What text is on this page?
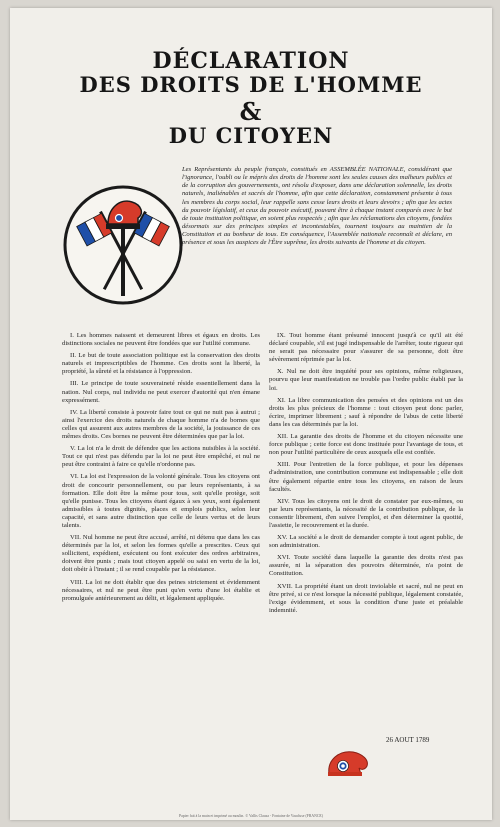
DÉCLARATION
DES DROITS DE L'HOMME
&
DU CITOYEN

Les Représentants du peuple français, constitués en ASSEMBLÉE NATIONALE, considérant que l'ignorance, l'oubli ou le mépris des droits de l'homme sont les seules causes des malheurs publics et de la corruption des gouvernements, ont résolu d'exposer, dans une déclaration solennelle, les droits naturels, inaliénables et sacrés de l'homme, afin que cette déclaration, constamment présente à tous les membres du corps social, leur rappelle sans cesse leurs droits et leurs devoirs ; afin que les actes du pouvoir législatif, et ceux du pouvoir exécutif, pouvant être à chaque instant comparés avec le but de toute institution politique, en soient plus respectés ; afin que les réclamations des citoyens, fondées désormais sur des principes simples et incontestables, tournent toujours au maintien de la Constitution et au bonheur de tous. En conséquence, l'Assemblée nationale reconnaît et déclare, en présence et sous les auspices de l'Être suprême, les droits suivants de l'homme et du citoyen.

I. Les hommes naissent et demeurent libres et égaux en droits. Les distinctions sociales ne peuvent être fondées que sur l'utilité commune.

II. Le but de toute association politique est la conservation des droits naturels et imprescriptibles de l'homme. Ces droits sont la liberté, la propriété, la sûreté et la résistance à l'oppression.

III. Le principe de toute souveraineté réside essentiellement dans la nation. Nul corps, nul individu ne peut exercer d'autorité qui n'en émane expressément.

IV. La liberté consiste à pouvoir faire tout ce qui ne nuit pas à autrui ; ainsi l'exercice des droits naturels de chaque homme n'a de bornes que celles qui assurent aux autres membres de la société, la jouissance de ces mêmes droits. Ces bornes ne peuvent être déterminées que par la loi.

V. La loi n'a le droit de défendre que les actions nuisibles à la société. Tout ce qui n'est pas défendu par la loi ne peut être empêché, et nul ne peut être contraint à faire ce qu'elle n'ordonne pas.

VI. La loi est l'expression de la volonté générale. Tous les citoyens ont droit de concourir personnellement, ou par leurs représentants, à sa formation. Elle doit être la même pour tous, soit qu'elle protège, soit qu'elle punisse. Tous les citoyens étant égaux à ses yeux, sont également admissibles à toutes dignités, places et emplois publics, selon leur capacité, et sans autre distinction que celle de leurs vertus et de leurs talents.

VII. Nul homme ne peut être accusé, arrêté, ni détenu que dans les cas déterminés par la loi, et selon les formes qu'elle a prescrites. Ceux qui sollicitent, expédient, exécutent ou font exécuter des ordres arbitraires, doivent être punis ; mais tout citoyen appelé ou saisi en vertu de la loi, doit obéir à l'instant ; il se rend coupable par la résistance.

VIII. La loi ne doit établir que des peines strictement et évidemment nécessaires, et nul ne peut être puni qu'en vertu d'une loi établie et promulguée antérieurement au délit, et légalement appliquée.

IX. Tout homme étant présumé innocent jusqu'à ce qu'il ait été déclaré coupable, s'il est jugé indispensable de l'arrêter, toute rigueur qui ne serait pas nécessaire pour s'assurer de sa personne, doit être sévèrement réprimée par la loi.

X. Nul ne doit être inquiété pour ses opinions, même religieuses, pourvu que leur manifestation ne trouble pas l'ordre public établi par la loi.

XI. La libre communication des pensées et des opinions est un des droits les plus précieux de l'homme : tout citoyen peut donc parler, écrire, imprimer librement ; sauf à répondre de l'abus de cette liberté dans les cas déterminés par la loi.

XII. La garantie des droits de l'homme et du citoyen nécessite une force publique ; cette force est donc instituée pour l'avantage de tous, et non pour l'utilité particulière de ceux auxquels elle est confiée.

XIII. Pour l'entretien de la force publique, et pour les dépenses d'administration, une contribution commune est indispensable ; elle doit être également répartie entre tous les citoyens, en raison de leurs facultés.

XIV. Tous les citoyens ont le droit de constater par eux-mêmes, ou par leurs représentants, la nécessité de la contribution publique, de la consentir librement, d'en suivre l'emploi, et d'en déterminer la quotité, l'assiette, le recouvrement et la durée.

XV. La société a le droit de demander compte à tout agent public, de son administration.

XVI. Toute société dans laquelle la garantie des droits n'est pas assurée, ni la séparation des pouvoirs déterminée, n'a point de Constitution.

XVII. La propriété étant un droit inviolable et sacré, nul ne peut en être privé, si ce n'est lorsque la nécessité publique, légalement constatée, l'exige évidemment, et sous la condition d'une juste et préalable indemnité.

26 AOUT 1789
Papier fait à la main et imprimé au moulin. © Vallis Clausa - Fontaine de Vaucluse (FRANCE)
